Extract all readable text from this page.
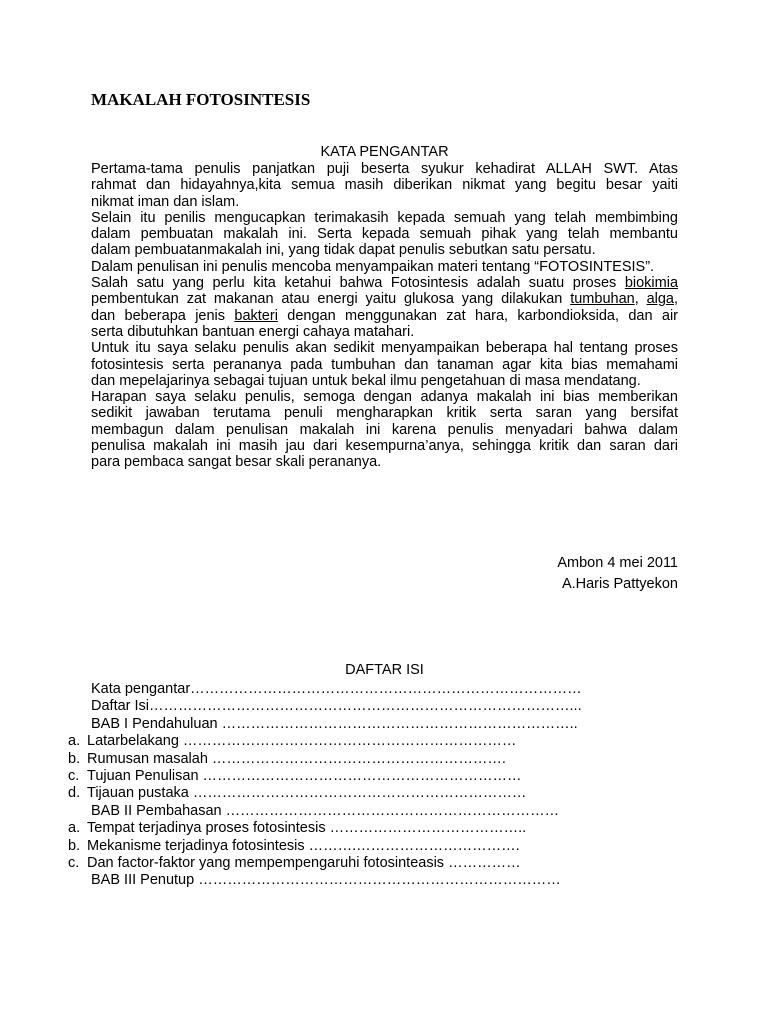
MAKALAH FOTOSINTESIS
KATA PENGANTAR
Pertama-tama penulis panjatkan puji beserta syukur kehadirat ALLAH SWT. Atas
rahmat dan hidayahnya,kita semua masih diberikan nikmat yang begitu besar yaiti
nikmat iman dan islam.
Selain itu penilis mengucapkan terimakasih kepada semuah yang telah membimbing
dalam pembuatan makalah ini. Serta kepada semuah pihak yang telah membantu
dalam pembuatanmakalah ini, yang tidak dapat penulis sebutkan satu persatu.
Dalam penulisan ini penulis mencoba menyampaikan materi tentang “FOTOSINTESIS”.
Salah satu yang perlu kita ketahui bahwa Fotosintesis adalah suatu proses biokimia
pembentukan zat makanan atau energi yaitu glukosa yang dilakukan tumbuhan, alga,
dan beberapa jenis bakteri dengan menggunakan zat hara, karbondioksida, dan air
serta dibutuhkan bantuan energi cahaya matahari.
Untuk itu saya selaku penulis akan sedikit menyampaikan beberapa hal tentang proses
fotosintesis serta perananya pada tumbuhan dan tanaman agar kita bias memahami
dan mepelajarinya sebagai tujuan untuk bekal ilmu pengetahuan di masa mendatang.
Harapan saya selaku penulis, semoga dengan adanya makalah ini bias memberikan
sedikit jawaban terutama penuli mengharapkan kritik serta saran yang bersifat
membagun dalam penulisan makalah ini karena penulis menyadari bahwa dalam
penulisa makalah ini masih jau dari kesempurna’anya, sehingga kritik dan saran dari
para pembaca sangat besar skali perananya.
Ambon 4 mei 2011
A.Haris Pattyekon
DAFTAR ISI
Kata pengantar………………………………………………………………………
Daftar Isi……………………………………………………………………………...
BAB I Pendahuluan ………………………………………………………………..
a. Latarbelakang ……………………………………………………………
b. Rumusan masalah …………………………………………………….
c. Tujuan Penulisan …………………………………………………………
d. Tijauan pustaka ……………………………………………………………
BAB II Pembahasan ……………………………………………………………
a. Tempat terjadinya proses fotosintesis …………………………………..
b. Mekanisme terjadinya fotosintesis ……….…………………………….
c. Dan factor-faktor yang mempempengaruhi fotosinteasis ……………
BAB III Penutup …………………………………………………………………
